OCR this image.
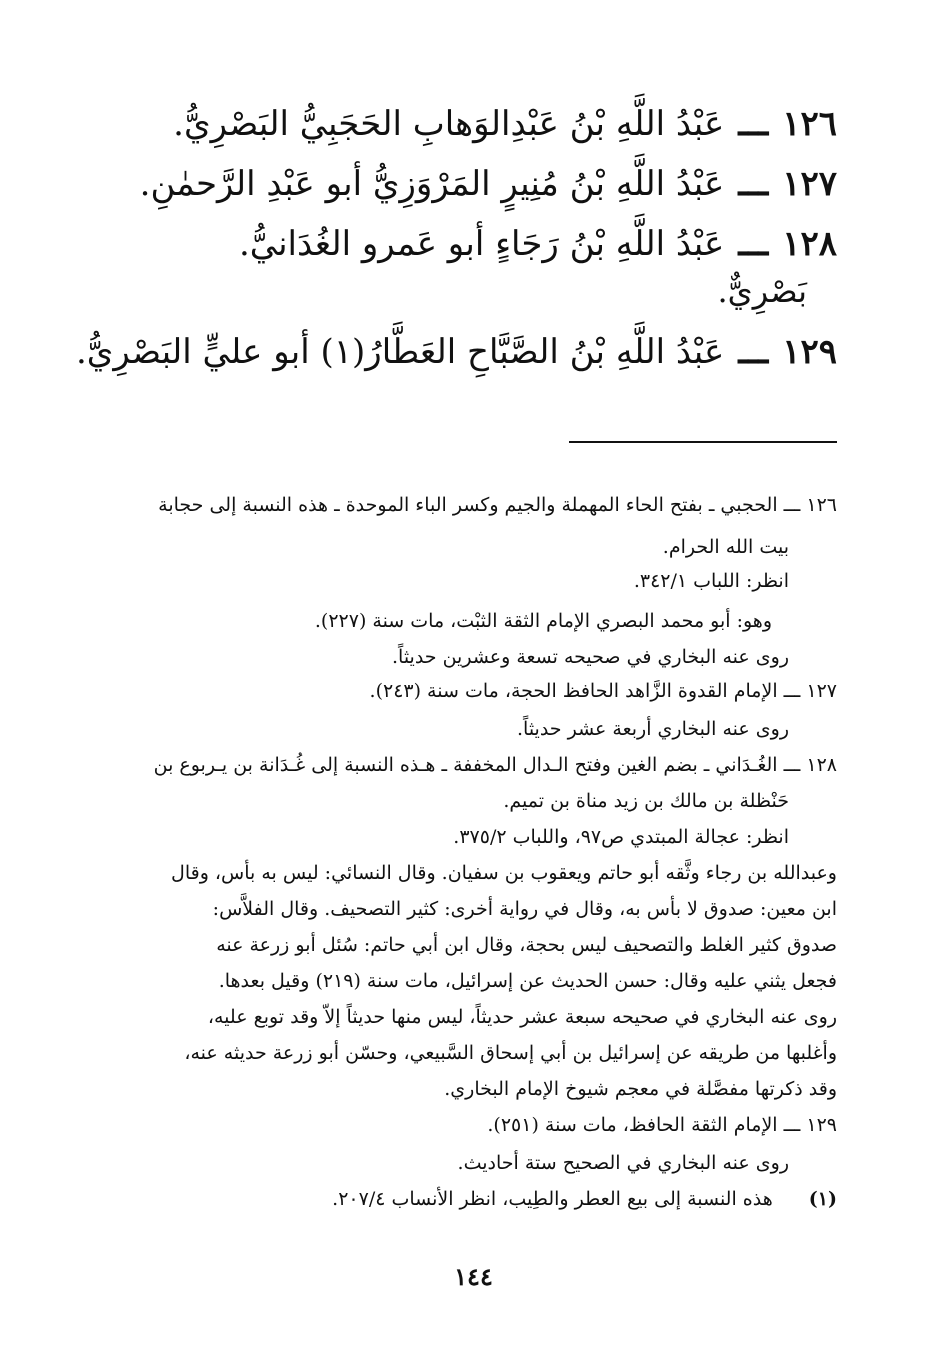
١٢٦
ـــ
عَبْدُ اللَّهِ بْنُ عَبْدِالوَهابِ الحَجَبِيُّ البَصْرِيُّ.
١٢٧
ـــ
عَبْدُ اللَّهِ بْنُ مُنِيرٍ المَرْوَزِيُّ أبو عَبْدِ الرَّحمٰنِ.
١٢٨
ـــ
عَبْدُ اللَّهِ بْنُ رَجَاءٍ أبو عَمرو الغُدَانيُّ.
بَصْرِيٌّ.
١٢٩
ـــ
عَبْدُ اللَّهِ بْنُ الصَّبَّاحِ العَطَّارُ(١) أبو عليٍّ البَصْرِيُّ.
١٢٦ ـــ الحجبي ـ بفتح الحاء المهملة والجيم وكسر الباء الموحدة ـ هذه النسبة إلى حجابة
بيت الله الحرام.
انظر: اللباب ٣٤٢/١.
وهو: أبو محمد البصري الإمام الثقة الثبْت، مات سنة (٢٢٧).
روى عنه البخاري في صحيحه تسعة وعشرين حديثاً.
١٢٧ ـــ الإمام القدوة الزَّاهد الحافظ الحجة، مات سنة (٢٤٣).
روى عنه البخاري أربعة عشر حديثاً.
١٢٨ ـــ الغُـدَاني ـ بضم الغين وفتح الـدال المخففة ـ هـذه النسبة إلى غُـدَانة بن يـربوع بن
حَنْظلة بن مالك بن زيد مناة بن تميم.
انظر: عجالة المبتدي ص٩٧، واللباب ٣٧٥/٢.
وعبدالله بن رجاء وثَّقه أبو حاتم ويعقوب بن سفيان. وقال النسائي: ليس به بأس، وقال
ابن معين: صدوق لا بأس به، وقال في رواية أخرى: كثير التصحيف. وقال الفلاَّس:
صدوق كثير الغلط والتصحيف ليس بحجة، وقال ابن أبي حاتم: سُئل أبو زرعة عنه
فجعل يثني عليه وقال: حسن الحديث عن إسرائيل، مات سنة (٢١٩) وقيل بعدها.
روى عنه البخاري في صحيحه سبعة عشر حديثاً، ليس منها حديثاً إلاّ وقد توبع عليه،
وأغلبها من طريقه عن إسرائيل بن أبي إسحاق السَّبيعي، وحسّن أبو زرعة حديثه عنه،
وقد ذكرتها مفصَّلة في معجم شيوخ الإمام البخاري.
١٢٩ ـــ الإمام الثقة الحافظ، مات سنة (٢٥١).
روى عنه البخاري في الصحيح ستة أحاديث.
(١) هذه النسبة إلى بيع العطر والطِيب، انظر الأنساب ٢٠٧/٤.
١٤٤
